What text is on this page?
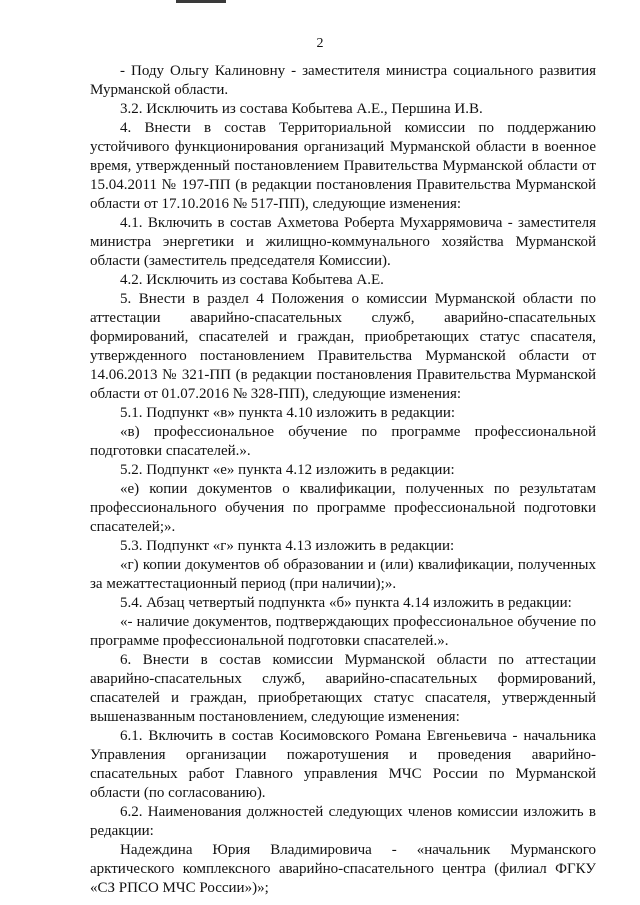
2

- Поду Ольгу Калиновну - заместителя министра социального развития Мурманской области.

3.2. Исключить из состава Кобытева А.Е., Першина И.В.

4. Внести в состав Территориальной комиссии по поддержанию устойчивого функционирования организаций Мурманской области в военное время, утвержденный постановлением Правительства Мурманской области от 15.04.2011 № 197-ПП (в редакции постановления Правительства Мурманской области от 17.10.2016 № 517-ПП), следующие изменения:

4.1. Включить в состав Ахметова Роберта Мухаррямовича - заместителя министра энергетики и жилищно-коммунального хозяйства Мурманской области (заместитель председателя Комиссии).

4.2. Исключить из состава Кобытева А.Е.

5. Внести в раздел 4 Положения о комиссии Мурманской области по аттестации аварийно-спасательных служб, аварийно-спасательных формирований, спасателей и граждан, приобретающих статус спасателя, утвержденного постановлением Правительства Мурманской области от 14.06.2013 № 321-ПП (в редакции постановления Правительства Мурманской области от 01.07.2016 № 328-ПП), следующие изменения:

5.1. Подпункт «в» пункта 4.10 изложить в редакции:

«в) профессиональное обучение по программе профессиональной подготовки спасателей.».

5.2. Подпункт «е» пункта 4.12 изложить в редакции:

«е) копии документов о квалификации, полученных по результатам профессионального обучения по программе профессиональной подготовки спасателей;».

5.3. Подпункт «г» пункта 4.13 изложить в редакции:

«г) копии документов об образовании и (или) квалификации, полученных за межаттестационный период (при наличии);».

5.4. Абзац четвертый подпункта «б» пункта 4.14 изложить в редакции:

«- наличие документов, подтверждающих профессиональное обучение по программе профессиональной подготовки спасателей.».

6. Внести в состав комиссии Мурманской области по аттестации аварийно-спасательных служб, аварийно-спасательных формирований, спасателей и граждан, приобретающих статус спасателя, утвержденный вышеназванным постановлением, следующие изменения:

6.1. Включить в состав Косимовского Романа Евгеньевича - начальника Управления организации пожаротушения и проведения аварийно-спасательных работ Главного управления МЧС России по Мурманской области (по согласованию).

6.2. Наименования должностей следующих членов комиссии изложить в редакции:

Надеждина Юрия Владимировича - «начальник Мурманского арктического комплексного аварийно-спасательного центра (филиал ФГКУ «СЗ РПСО МЧС России»)»;
